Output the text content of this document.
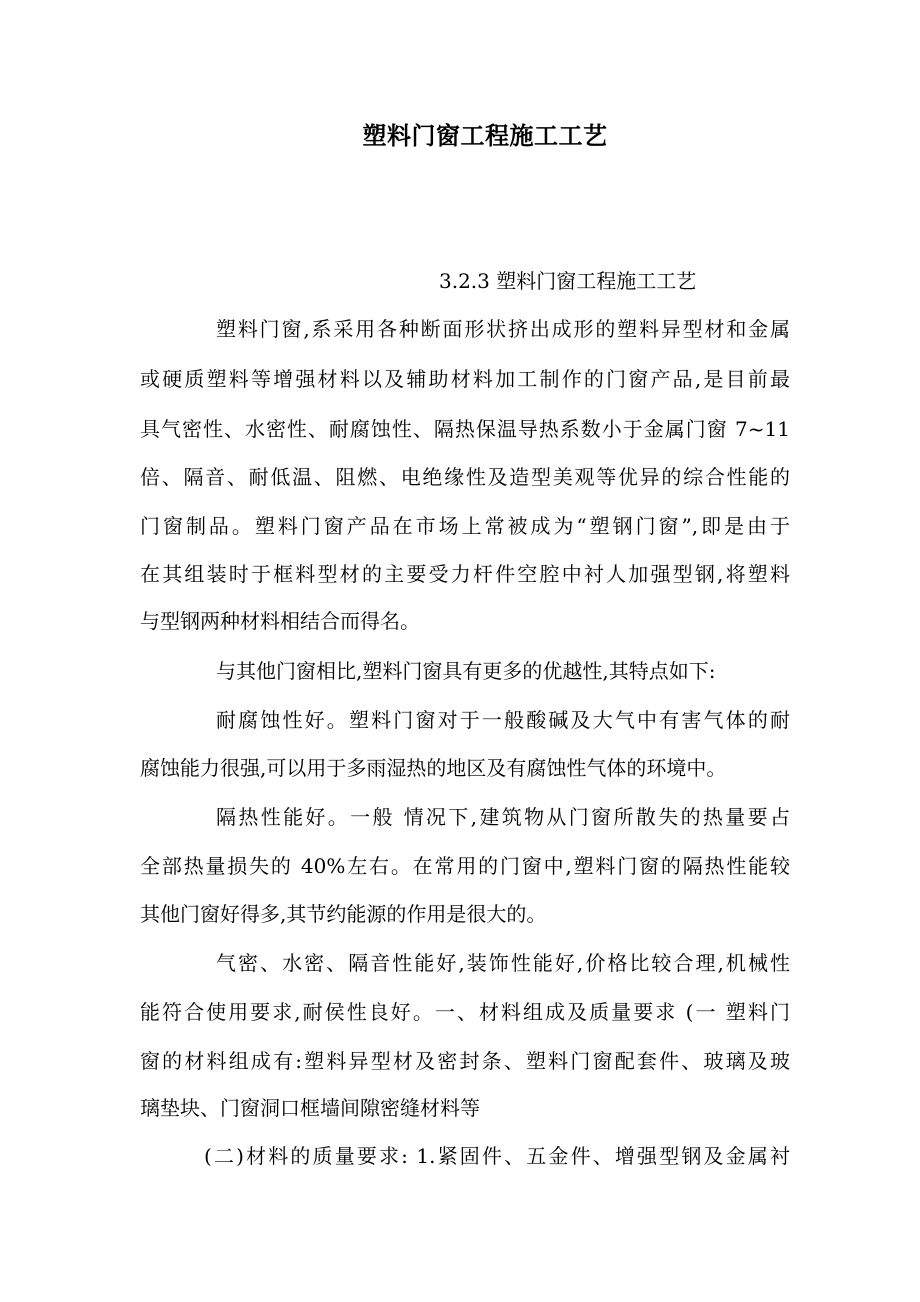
塑料门窗工程施工工艺
3.2.3 塑料门窗工程施工工艺
塑料门窗,系采用各种断面形状挤出成形的塑料异型材和金属
或硬质塑料等增强材料以及辅助材料加工制作的门窗产品,是目前最
具气密性、水密性、耐腐蚀性、隔热保温导热系数小于金属门窗 7~11
倍、隔音、耐低温、阻燃、电绝缘性及造型美观等优异的综合性能的
门窗制品。塑料门窗产品在市场上常被成为“塑钢门窗”,即是由于
在其组装时于框料型材的主要受力杆件空腔中衬人加强型钢,将塑料
与型钢两种材料相结合而得名。
与其他门窗相比,塑料门窗具有更多的优越性,其特点如下:
耐腐蚀性好。塑料门窗对于一般酸碱及大气中有害气体的耐
腐蚀能力很强,可以用于多雨湿热的地区及有腐蚀性气体的环境中。
隔热性能好。一般 情况下,建筑物从门窗所散失的热量要占
全部热量损失的 40%左右。在常用的门窗中,塑料门窗的隔热性能较
其他门窗好得多,其节约能源的作用是很大的。
气密、水密、隔音性能好,装饰性能好,价格比较合理,机械性
能符合使用要求,耐侯性良好。一、材料组成及质量要求 (一 塑料门
窗的材料组成有:塑料异型材及密封条、塑料门窗配套件、玻璃及玻
璃垫块、门窗洞口框墙间隙密缝材料等
(二)材料的质量要求: 1.紧固件、五金件、增强型钢及金属衬
